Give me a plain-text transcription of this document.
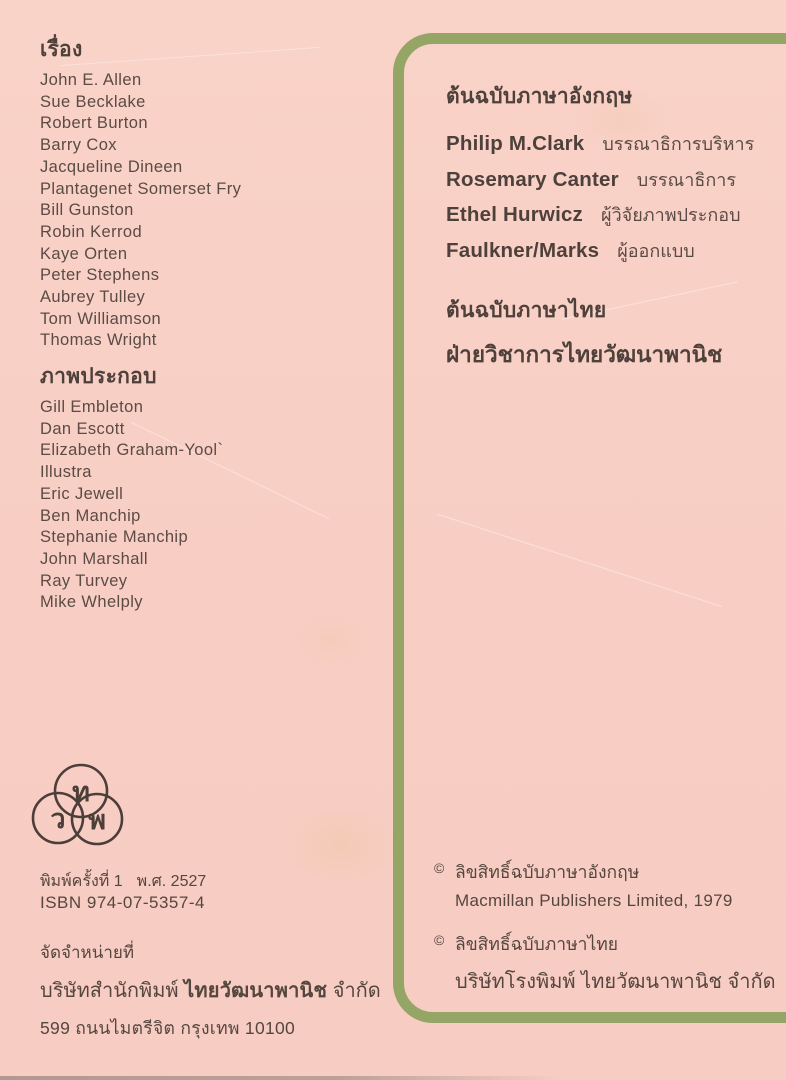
เรื่อง
John E. Allen
Sue Becklake
Robert Burton
Barry Cox
Jacqueline Dineen
Plantagenet Somerset Fry
Bill Gunston
Robin Kerrod
Kaye Orten
Peter Stephens
Aubrey Tulley
Tom Williamson
Thomas Wright
ภาพประกอบ
Gill Embleton
Dan Escott
Elizabeth Graham-Yool`
Illustra
Eric Jewell
Ben Manchip
Stephanie Manchip
John Marshall
Ray Turvey
Mike Whelply
ท
ว พ
พิมพ์ครั้งที่ 1 พ.ศ. 2527
ISBN 974-07-5357-4
จัดจำหน่ายที่
บริษัทสำนักพิมพ์ ไทยวัฒนาพานิช จำกัด
599 ถนนไมตรีจิต กรุงเทพ 10100
ต้นฉบับภาษาอังกฤษ
Philip M.Clark บรรณาธิการบริหาร
Rosemary Canter บรรณาธิการ
Ethel Hurwicz ผู้วิจัยภาพประกอบ
Faulkner/Marks ผู้ออกแบบ
ต้นฉบับภาษาไทย
ฝ่ายวิชาการไทยวัฒนาพานิช
© ลิขสิทธิ์ฉบับภาษาอังกฤษ
Macmillan Publishers Limited, 1979
© ลิขสิทธิ์ฉบับภาษาไทย
บริษัทโรงพิมพ์ ไทยวัฒนาพานิช จำกัด
